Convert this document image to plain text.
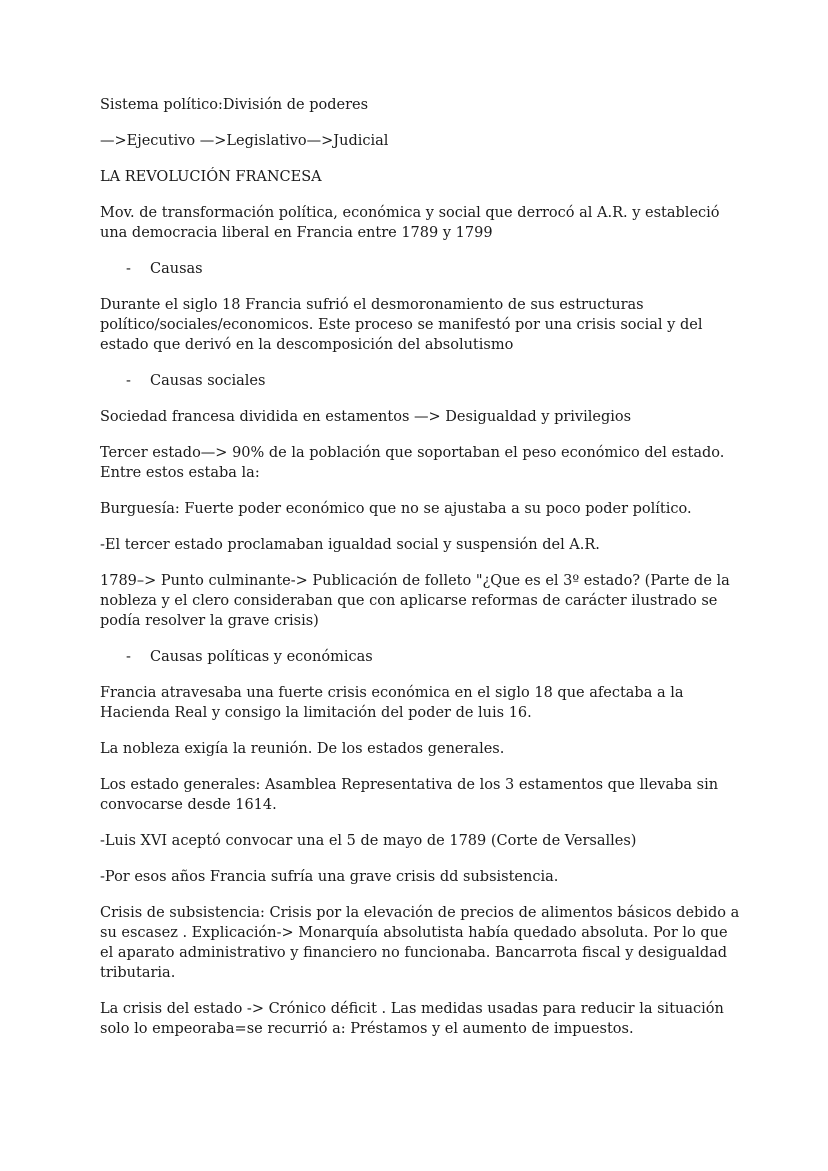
Sistema político:División de poderes

—>Ejecutivo —>Legislativo—>Judicial

LA REVOLUCIÓN FRANCESA

Mov. de transformación política, económica y social que derrocó al A.R. y estableció una democracia liberal en Francia entre 1789 y 1799

-	Causas

Durante el siglo 18 Francia sufrió el desmoronamiento de sus estructuras político/sociales/economicos. Este proceso se manifestó por una crisis social y del estado que derivó en la descomposición del absolutismo

-	Causas sociales

Sociedad francesa dividida en estamentos —> Desigualdad y privilegios

Tercer estado—> 90% de la población que soportaban el peso económico del estado. Entre estos estaba la:

Burguesía: Fuerte poder económico que no se ajustaba a su poco poder político.

-El tercer estado proclamaban igualdad social y suspensión del A.R.

1789–> Punto culminante-> Publicación de folleto "¿Que es el 3º estado? (Parte de la nobleza y el clero consideraban que con aplicarse reformas de carácter ilustrado se podía resolver la grave crisis)

-	Causas políticas y económicas

Francia atravesaba una fuerte crisis económica en el siglo 18 que afectaba a la Hacienda Real y consigo la limitación del poder de luis 16.

La nobleza exigía la reunión. De los estados generales.

Los estado generales: Asamblea Representativa de los 3 estamentos que llevaba sin convocarse desde 1614.

-Luis XVI aceptó convocar una el 5 de mayo de 1789 (Corte de Versalles)

-Por esos años Francia sufría una grave crisis dd subsistencia.

Crisis de subsistencia: Crisis por la elevación de precios de alimentos básicos debido a su escasez . Explicación-> Monarquía absolutista había quedado absoluta. Por lo que el aparato administrativo y financiero no funcionaba. Bancarrota fiscal y desigualdad tributaria.

La crisis del estado -> Crónico déficit . Las medidas usadas para reducir la situación solo lo empeoraba=se recurrió a: Préstamos y el aumento de impuestos.
